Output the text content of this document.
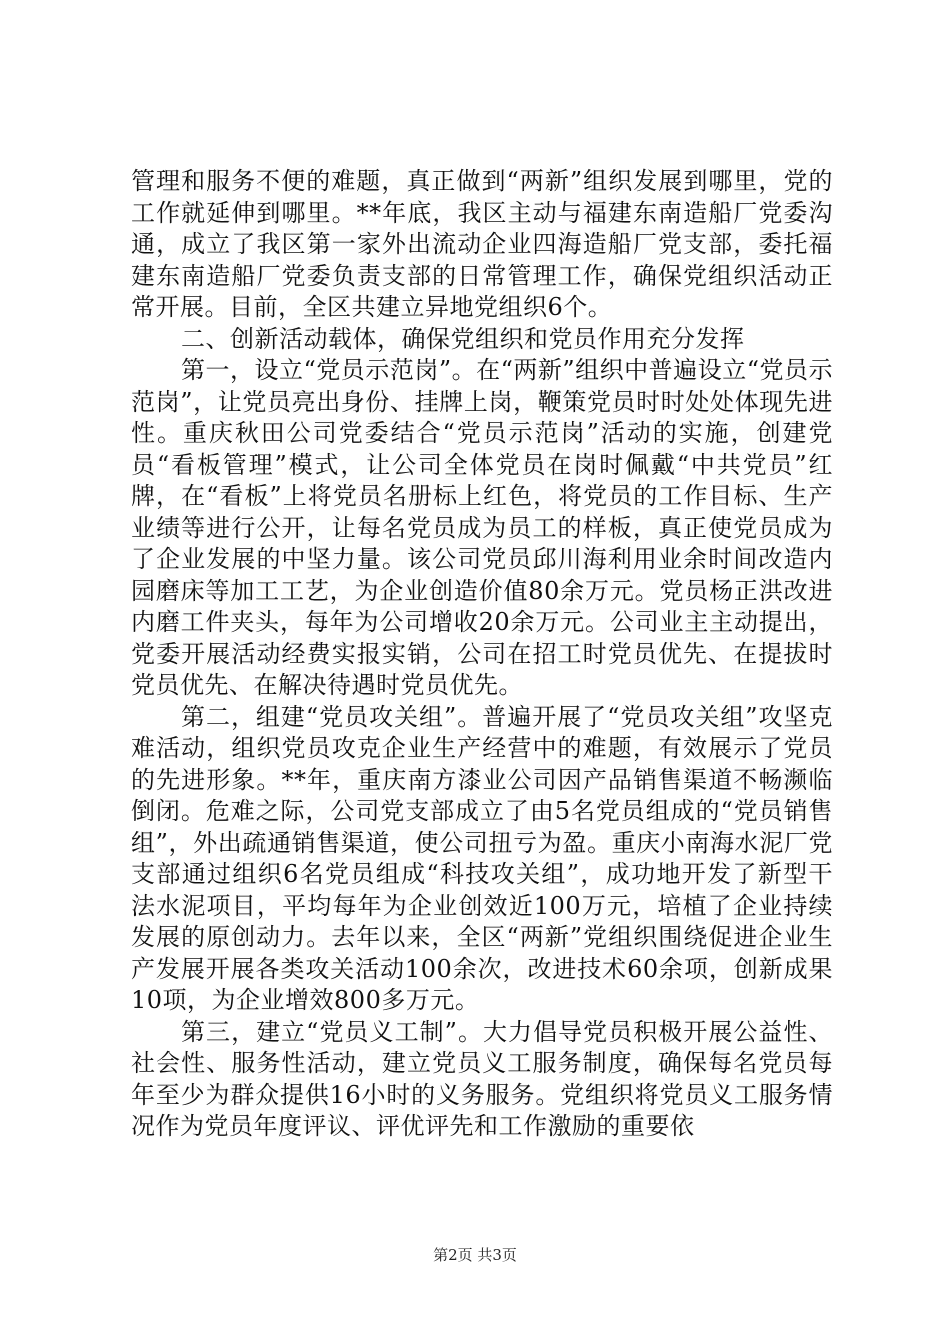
管理和服务不便的难题，真正做到“两新”组织发展到哪里，党的工作就延伸到哪里。**年底，我区主动与福建东南造船厂党委沟通，成立了我区第一家外出流动企业四海造船厂党支部，委托福建东南造船厂党委负责支部的日常管理工作，确保党组织活动正常开展。目前，全区共建立异地党组织6个。

二、创新活动载体，确保党组织和党员作用充分发挥

第一，设立“党员示范岗”。在“两新”组织中普遍设立“党员示范岗”，让党员亮出身份、挂牌上岗，鞭策党员时时处处体现先进性。重庆秋田公司党委结合“党员示范岗”活动的实施，创建党员“看板管理”模式，让公司全体党员在岗时佩戴“中共党员”红牌，在“看板”上将党员名册标上红色，将党员的工作目标、生产业绩等进行公开，让每名党员成为员工的样板，真正使党员成为了企业发展的中坚力量。该公司党员邱川海利用业余时间改造内园磨床等加工工艺，为企业创造价值80余万元。党员杨正洪改进内磨工件夹头，每年为公司增收20余万元。公司业主主动提出，党委开展活动经费实报实销，公司在招工时党员优先、在提拔时党员优先、在解决待遇时党员优先。

第二，组建“党员攻关组”。普遍开展了“党员攻关组”攻坚克难活动，组织党员攻克企业生产经营中的难题，有效展示了党员的先进形象。**年，重庆南方漆业公司因产品销售渠道不畅濒临倒闭。危难之际，公司党支部成立了由5名党员组成的“党员销售组”，外出疏通销售渠道，使公司扭亏为盈。重庆小南海水泥厂党支部通过组织6名党员组成“科技攻关组”，成功地开发了新型干法水泥项目，平均每年为企业创效近100万元，培植了企业持续发展的原创动力。去年以来，全区“两新”党组织围绕促进企业生产发展开展各类攻关活动100余次，改进技术60余项，创新成果10项，为企业增效800多万元。

第三，建立“党员义工制”。大力倡导党员积极开展公益性、社会性、服务性活动，建立党员义工服务制度，确保每名党员每年至少为群众提供16小时的义务服务。党组织将党员义工服务情况作为党员年度评议、评优评先和工作激励的重要依

第2页 共3页
